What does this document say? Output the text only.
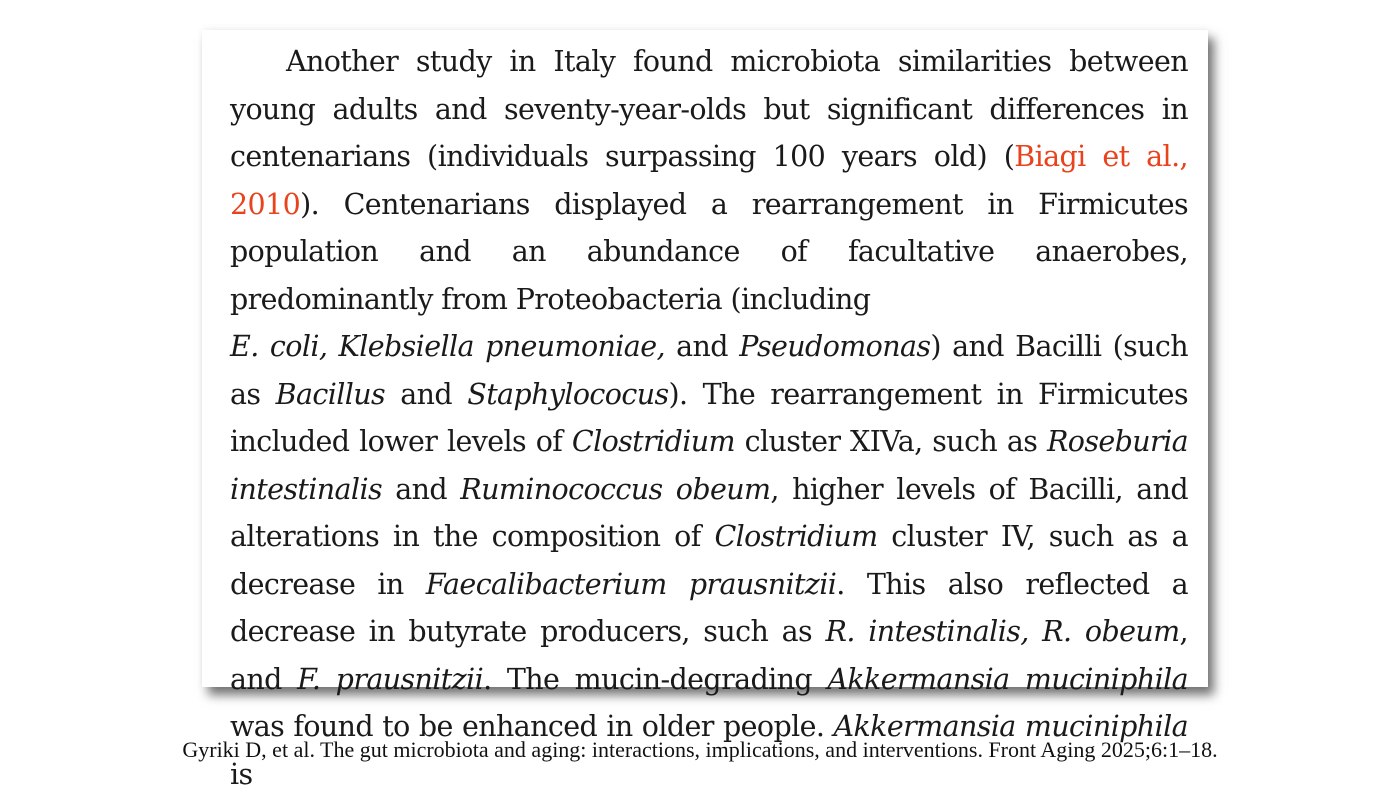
Another study in Italy found microbiota similarities between young adults and seventy-year-olds but significant differences in centenarians (individuals surpassing 100 years old) (Biagi et al., 2010). Centenarians displayed a rearrangement in Firmicutes population and an abundance of facultative anaerobes, predominantly from Proteobacteria (including
E. coli, Klebsiella pneumoniae, and Pseudomonas) and Bacilli (such as Bacillus and Staphylococus). The rearrangement in Firmicutes included lower levels of Clostridium cluster XIVa, such as Roseburia intestinalis and Ruminococcus obeum, higher levels of Bacilli, and alterations in the composition of Clostridium cluster IV, such as a decrease in Faecalibacterium prausnitzii. This also reflected a decrease in butyrate producers, such as R. intestinalis, R. obeum, and F. prausnitzii. The mucin-degrading Akkermansia muciniphila was found to be enhanced in older people. Akkermansia muciniphila is

Gyriki D, et al. The gut microbiota and aging: interactions, implications, and interventions. Front Aging 2025;6:1–18.
